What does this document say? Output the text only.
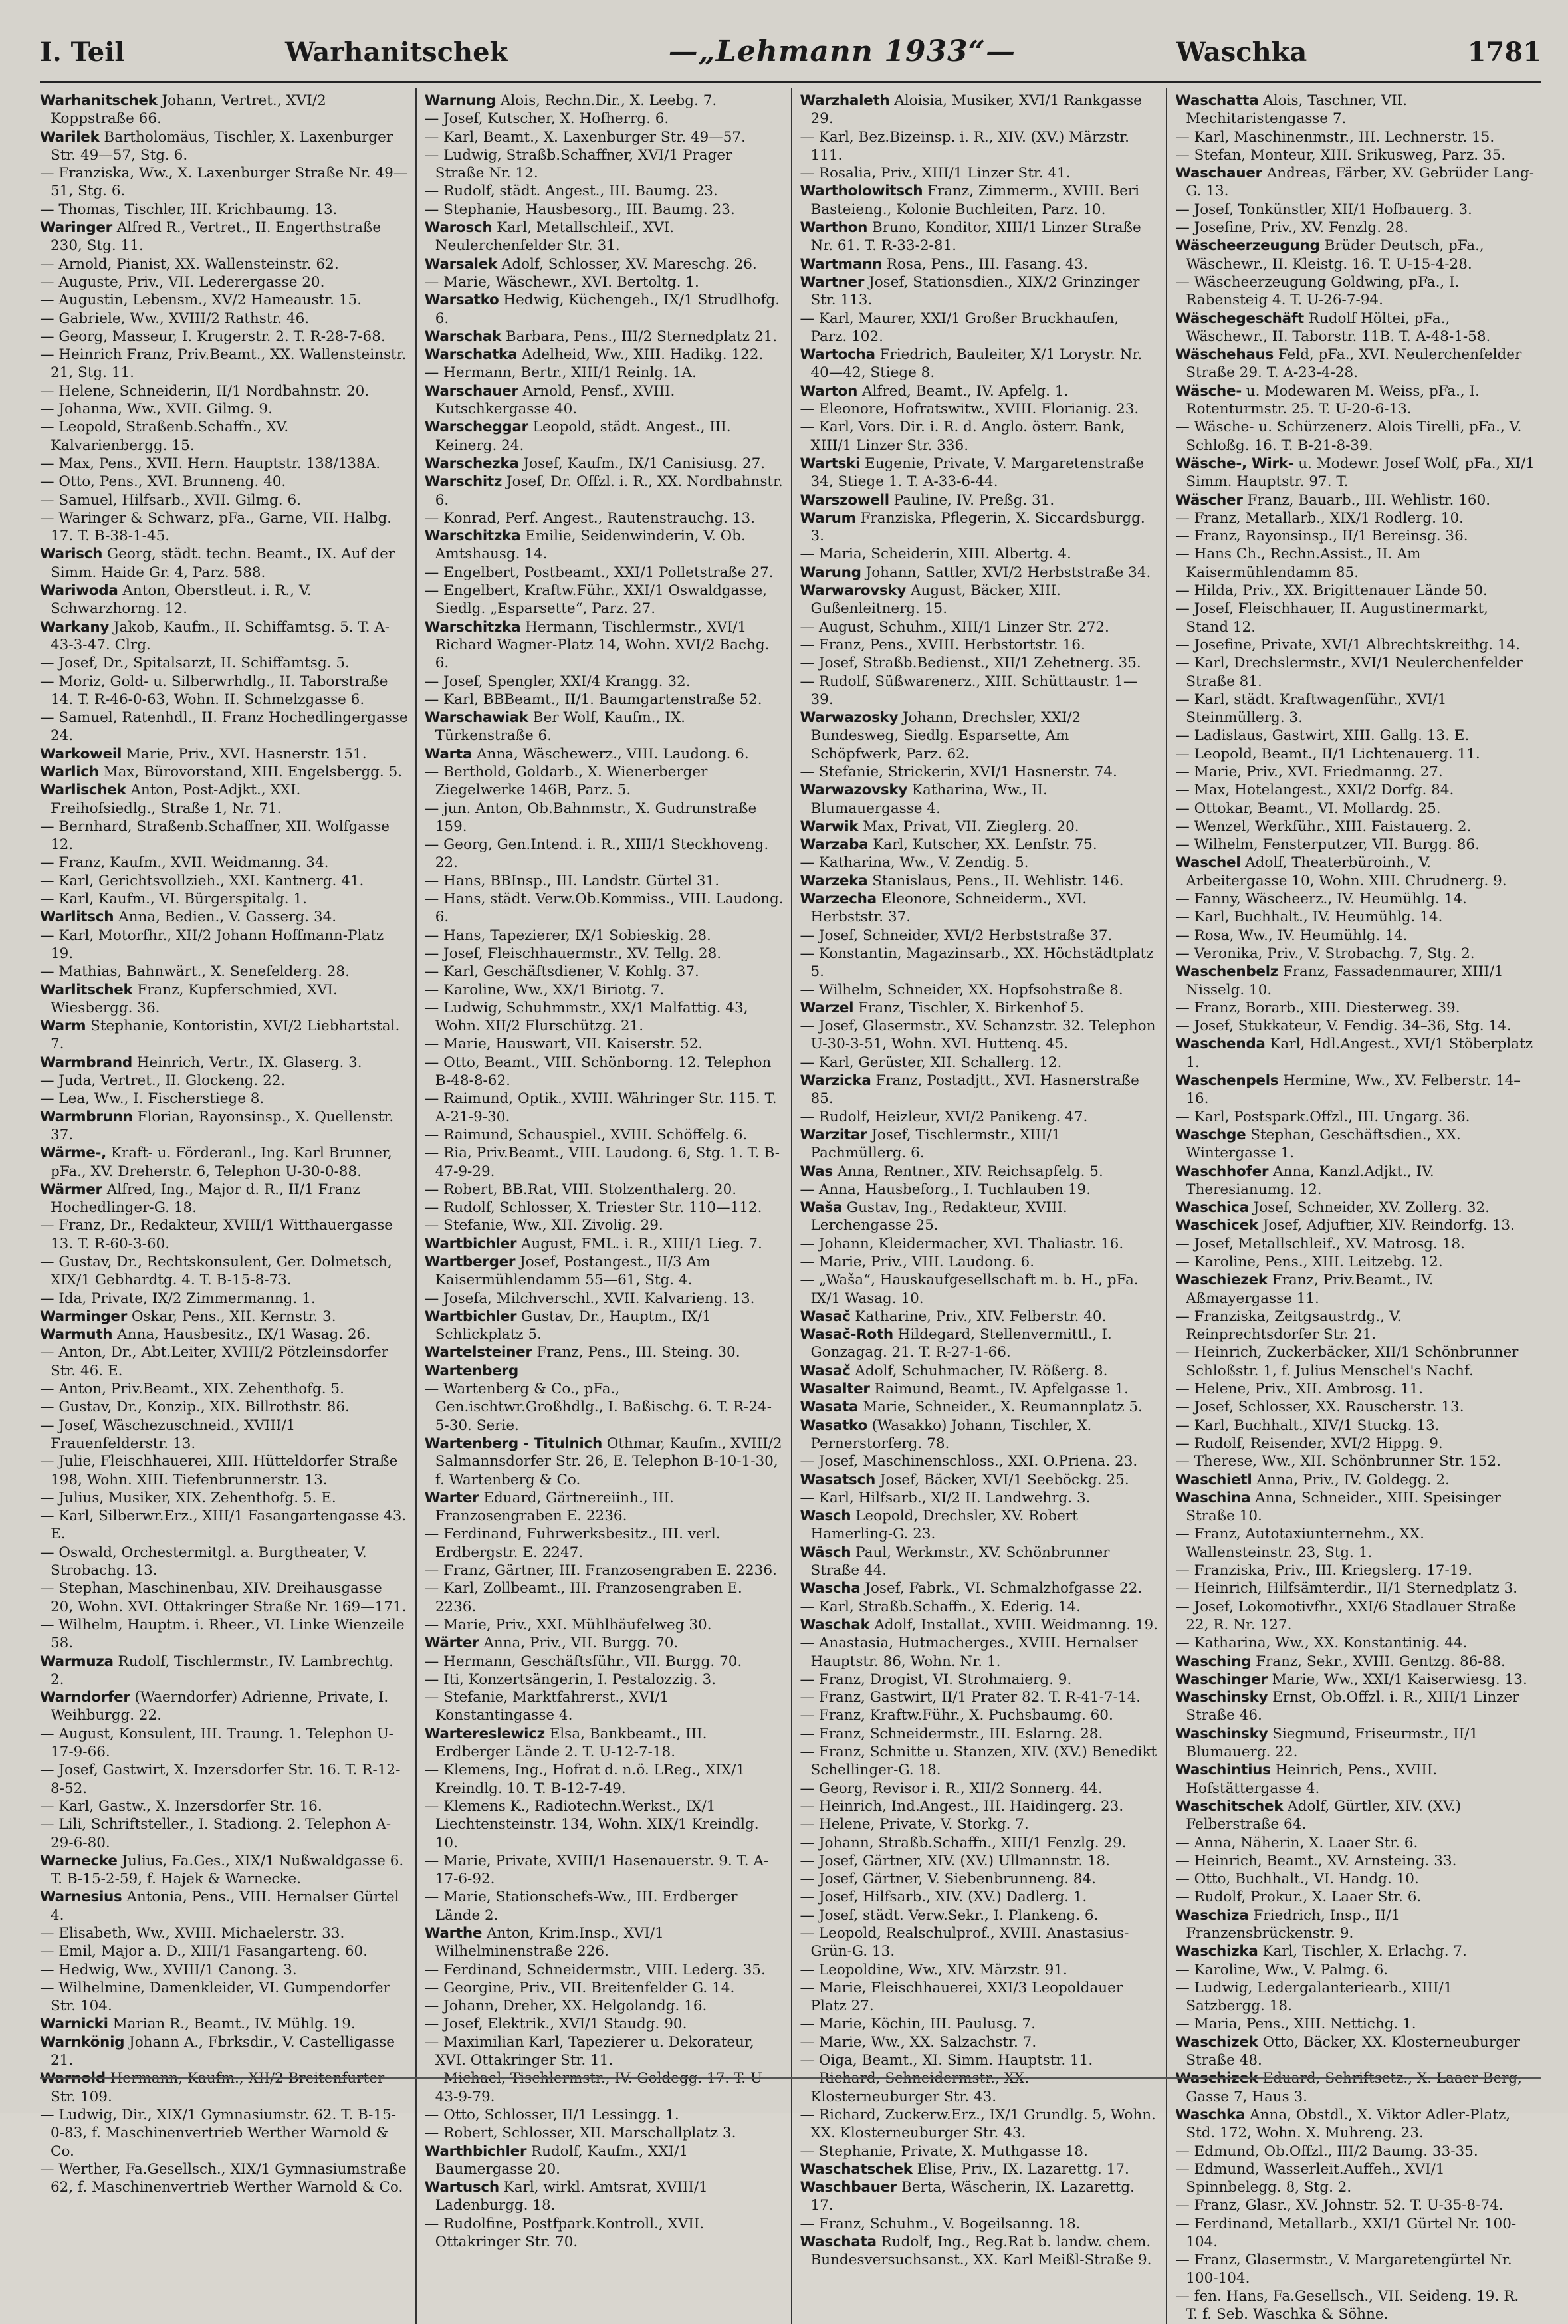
I. Teil	Warhanitschek	—„Lehmann 1933“—	Waschka	1781
Warhanitschek Johann, Vertret., XVI/2 Koppstraße 66.
Warilek Bartholomäus, Tischler, X. Laxenburger Str. 49—57, Stg. 6.
— Franziska, Ww., X. Laxenburger Straße Nr. 49—51, Stg. 6.
— Thomas, Tischler, III. Krichbaumg. 13.
Waringer Alfred R., Vertret., II. Engerthstraße 230, Stg. 11.
— Arnold, Pianist, XX. Wallensteinstr. 62.
— Auguste, Priv., VII. Lederergasse 20.
— Augustin, Lebensm., XV/2 Hameaustr. 15.
— Gabriele, Ww., XVIII/2 Rathstr. 46.
— Georg, Masseur, I. Krugerstr. 2. T. R-28-7-68.
— Heinrich Franz, Priv.Beamt., XX. Wallensteinstr. 21, Stg. 11.
— Helene, Schneiderin, II/1 Nordbahnstr. 20.
— Johanna, Ww., XVII. Gilmg. 9.
— Leopold, Straßenb.Schaffn., XV. Kalvarienbergg. 15.
— Max, Pens., XVII. Hern. Hauptstr. 138/138A.
— Otto, Pens., XVI. Brunneng. 40.
— Samuel, Hilfsarb., XVII. Gilmg. 6.
— Waringer & Schwarz, pFa., Garne, VII. Halbg. 17. T. B-38-1-45.
Warisch Georg, städt. techn. Beamt., IX. Auf der Simm. Haide Gr. 4, Parz. 588.
Wariwoda Anton, Oberstleut. i. R., V. Schwarzhorng. 12.
Warkany Jakob, Kaufm., II. Schiffamtsg. 5. T. A-43-3-47. Clrg.
— Josef, Dr., Spitalsarzt, II. Schiffamtsg. 5.
— Moriz, Gold- u. Silberwrhdlg., II. Taborstraße 14. T. R-46-0-63, Wohn. II. Schmelzgasse 6.
— Samuel, Ratenhdl., II. Franz Hochedlingergasse 24.
Warkoweil Marie, Priv., XVI. Hasnerstr. 151.
Warlich Max, Bürovorstand, XIII. Engelsbergg. 5.
Warlischek Anton, Post-Adjkt., XXI. Freihofsiedlg., Straße 1, Nr. 71.
— Bernhard, Straßenb.Schaffner, XII. Wolfgasse 12.
— Franz, Kaufm., XVII. Weidmanng. 34.
— Karl, Gerichtsvollzieh., XXI. Kantnerg. 41.
— Karl, Kaufm., VI. Bürgerspitalg. 1.
Warlitsch Anna, Bedien., V. Gasserg. 34.
— Karl, Motorfhr., XII/2 Johann Hoffmann-Platz 19.
— Mathias, Bahnwärt., X. Senefelderg. 28.
Warlitschek Franz, Kupferschmied, XVI. Wiesbergg. 36.
Warm Stephanie, Kontoristin, XVI/2 Liebhartstal. 7.
Warmbrand Heinrich, Vertr., IX. Glaserg. 3.
— Juda, Vertret., II. Glockeng. 22.
— Lea, Ww., I. Fischerstiege 8.
Warmbrunn Florian, Rayonsinsp., X. Quellenstr. 37.
Wärme-, Kraft- u. Förderanl., Ing. Karl Brunner, pFa., XV. Dreherstr. 6, Telephon U-30-0-88.
Wärmer Alfred, Ing., Major d. R., II/1 Franz Hochedlinger-G. 18.
— Franz, Dr., Redakteur, XVIII/1 Witthauergasse 13. T. R-60-3-60.
— Gustav, Dr., Rechtskonsulent, Ger. Dolmetsch, XIX/1 Gebhardtg. 4. T. B-15-8-73.
— Ida, Private, IX/2 Zimmermanng. 1.
Warminger Oskar, Pens., XII. Kernstr. 3.
Warmuth Anna, Hausbesitz., IX/1 Wasag. 26.
— Anton, Dr., Abt.Leiter, XVIII/2 Pötzleinsdorfer Str. 46. E.
— Anton, Priv.Beamt., XIX. Zehenthofg. 5.
— Gustav, Dr., Konzip., XIX. Billrothstr. 86.
— Josef, Wäschezuschneid., XVIII/1 Frauenfelderstr. 13.
— Julie, Fleischhauerei, XIII. Hütteldorfer Straße 198, Wohn. XIII. Tiefenbrunnerstr. 13.
— Julius, Musiker, XIX. Zehenthofg. 5. E.
— Karl, Silberwr.Erz., XIII/1 Fasangartengasse 43. E.
— Oswald, Orchestermitgl. a. Burgtheater, V. Strobachg. 13.
— Stephan, Maschinenbau, XIV. Dreihausgasse 20, Wohn. XVI. Ottakringer Straße Nr. 169—171.
— Wilhelm, Hauptm. i. Rheer., VI. Linke Wienzeile 58.
Warmuza Rudolf, Tischlermstr., IV. Lambrechtg. 2.
Warndorfer (Waerndorfer) Adrienne, Private, I. Weihburgg. 22.
— August, Konsulent, III. Traung. 1. Telephon U-17-9-66.
— Josef, Gastwirt, X. Inzersdorfer Str. 16. T. R-12-8-52.
— Karl, Gastw., X. Inzersdorfer Str. 16.
— Lili, Schriftsteller., I. Stadiong. 2. Telephon A-29-6-80.
Warnecke Julius, Fa.Ges., XIX/1 Nußwaldgasse 6. T. B-15-2-59, f. Hajek & Warnecke.
Warnesius Antonia, Pens., VIII. Hernalser Gürtel 4.
— Elisabeth, Ww., XVIII. Michaelerstr. 33.
— Emil, Major a. D., XIII/1 Fasangarteng. 60.
— Hedwig, Ww., XVIII/1 Canong. 3.
— Wilhelmine, Damenkleider, VI. Gumpendorfer Str. 104.
Warnicki Marian R., Beamt., IV. Mühlg. 19.
Warnkönig Johann A., Fbrksdir., V. Castelligasse 21.
Warnold Hermann, Kaufm., XII/2 Breitenfurter Str. 109.
— Ludwig, Dir., XIX/1 Gymnasiumstr. 62. T. B-15-0-83, f. Maschinenvertrieb Werther Warnold & Co.
— Werther, Fa.Gesellsch., XIX/1 Gymnasiumstraße 62, f. Maschinenvertrieb Werther Warnold & Co.
Warnung Alois, Rechn.Dir., X. Leebg. 7.
— Josef, Kutscher, X. Hofherrg. 6.
— Karl, Beamt., X. Laxenburger Str. 49—57.
— Ludwig, Straßb.Schaffner, XVI/1 Prager Straße Nr. 12.
— Rudolf, städt. Angest., III. Baumg. 23.
— Stephanie, Hausbesorg., III. Baumg. 23.
Warosch Karl, Metallschleif., XVI. Neulerchenfelder Str. 31.
Warsalek Adolf, Schlosser, XV. Mareschg. 26.
— Marie, Wäschewr., XVI. Bertoltg. 1.
Warsatko Hedwig, Küchengeh., IX/1 Strudlhofg. 6.
Warschak Barbara, Pens., III/2 Sternedplatz 21.
Warschatka Adelheid, Ww., XIII. Hadikg. 122.
— Hermann, Bertr., XIII/1 Reinlg. 1A.
Warschauer Arnold, Pensf., XVIII. Kutschkergasse 40.
Warscheggar Leopold, städt. Angest., III. Keinerg. 24.
Warschezka Josef, Kaufm., IX/1 Canisiusg. 27.
Warschitz Josef, Dr. Offzl. i. R., XX. Nordbahnstr. 6.
— Konrad, Perf. Angest., Rautenstrauchg. 13.
Warschitzka Emilie, Seidenwinderin, V. Ob. Amtshausg. 14.
— Engelbert, Postbeamt., XXI/1 Polletstraße 27.
— Engelbert, Kraftw.Führ., XXI/1 Oswaldgasse, Siedlg. „Esparsette“, Parz. 27.
Warschitzka Hermann, Tischlermstr., XVI/1 Richard Wagner-Platz 14, Wohn. XVI/2 Bachg. 6.
— Josef, Spengler, XXI/4 Krangg. 32.
— Karl, BBBeamt., II/1. Baumgartenstraße 52.
Warschawiak Ber Wolf, Kaufm., IX. Türkenstraße 6.
Warta Anna, Wäschewerz., VIII. Laudong. 6.
— Berthold, Goldarb., X. Wienerberger Ziegelwerke 146B, Parz. 5.
— jun. Anton, Ob.Bahnmstr., X. Gudrunstraße 159.
— Georg, Gen.Intend. i. R., XIII/1 Steckhoveng. 22.
— Hans, BBInsp., III. Landstr. Gürtel 31.
— Hans, städt. Verw.Ob.Kommiss., VIII. Laudong. 6.
— Hans, Tapezierer, IX/1 Sobieskig. 28.
— Josef, Fleischhauermstr., XV. Tellg. 28.
— Karl, Geschäftsdiener, V. Kohlg. 37.
— Karoline, Ww., XX/1 Biriotg. 7.
— Ludwig, Schuhmmstr., XX/1 Malfattig. 43, Wohn. XII/2 Flurschützg. 21.
— Marie, Hauswart, VII. Kaiserstr. 52.
— Otto, Beamt., VIII. Schönborng. 12. Telephon B-48-8-62.
— Raimund, Optik., XVIII. Währinger Str. 115. T. A-21-9-30.
— Raimund, Schauspiel., XVIII. Schöffelg. 6.
— Ria, Priv.Beamt., VIII. Laudong. 6, Stg. 1. T. B-47-9-29.
— Robert, BB.Rat, VIII. Stolzenthalerg. 20.
— Rudolf, Schlosser, X. Triester Str. 110—112.
— Stefanie, Ww., XII. Zivolig. 29.
Wartbichler August, FML. i. R., XIII/1 Lieg. 7.
Wartberger Josef, Postangest., II/3 Am Kaisermühlendamm 55—61, Stg. 4.
— Josefa, Milchverschl., XVII. Kalvarieng. 13.
Wartbichler Gustav, Dr., Hauptm., IX/1 Schlickplatz 5.
Wartelsteiner Franz, Pens., III. Steing. 30.
Wartenberg
— Wartenberg & Co., pFa., Gen.ischtwr.Großhdlg., I. Baßischg. 6. T. R-24-5-30. Serie.
Wartenberg - Titulnich Othmar, Kaufm., XVIII/2 Salmannsdorfer Str. 26, E. Telephon B-10-1-30, f. Wartenberg & Co.
Warter Eduard, Gärtnereiinh., III. Franzosengraben E. 2236.
— Ferdinand, Fuhrwerksbesitz., III. verl. Erdbergstr. E. 2247.
— Franz, Gärtner, III. Franzosengraben E. 2236.
— Karl, Zollbeamt., III. Franzosengraben E. 2236.
— Marie, Priv., XXI. Mühlhäufelweg 30.
Wärter Anna, Priv., VII. Burgg. 70.
— Hermann, Geschäftsführ., VII. Burgg. 70.
— Iti, Konzertsängerin, I. Pestalozzig. 3.
— Stefanie, Marktfahrerst., XVI/1 Konstantingasse 4.
Wartereslewicz Elsa, Bankbeamt., III. Erdberger Lände 2. T. U-12-7-18.
— Klemens, Ing., Hofrat d. n.ö. LReg., XIX/1 Kreindlg. 10. T. B-12-7-49.
— Klemens K., Radiotechn.Werkst., IX/1 Liechtensteinstr. 134, Wohn. XIX/1 Kreindlg. 10.
— Marie, Private, XVIII/1 Hasenauerstr. 9. T. A-17-6-92.
— Marie, Stationschefs-Ww., III. Erdberger Lände 2.
Warthe Anton, Krim.Insp., XVI/1 Wilhelminenstraße 226.
— Ferdinand, Schneidermstr., VIII. Lederg. 35.
— Georgine, Priv., VII. Breitenfelder G. 14.
— Johann, Dreher, XX. Helgolandg. 16.
— Josef, Elektrik., XVI/1 Staudg. 90.
— Maximilian Karl, Tapezierer u. Dekorateur, XVI. Ottakringer Str. 11.
— Michael, Tischlermstr., IV. Goldegg. 17. T. U-43-9-79.
— Otto, Schlosser, II/1 Lessingg. 1.
— Robert, Schlosser, XII. Marschallplatz 3.
Warthbichler Rudolf, Kaufm., XXI/1 Baumergasse 20.
Wartusch Karl, wirkl. Amtsrat, XVIII/1 Ladenburgg. 18.
— Rudolfine, Postfpark.Kontroll., XVII. Ottakringer Str. 70.
Warzhaleth Aloisia, Musiker, XVI/1 Rankgasse 29.
— Karl, Bez.Bizeinsp. i. R., XIV. (XV.) Märzstr. 111.
— Rosalia, Priv., XIII/1 Linzer Str. 41.
Wartholowitsch Franz, Zimmerm., XVIII. Beri Basteieng., Kolonie Buchleiten, Parz. 10.
Warthon Bruno, Konditor, XIII/1 Linzer Straße Nr. 61. T. R-33-2-81.
Wartmann Rosa, Pens., III. Fasang. 43.
Wartner Josef, Stationsdien., XIX/2 Grinzinger Str. 113.
— Karl, Maurer, XXI/1 Großer Bruckhaufen, Parz. 102.
Wartocha Friedrich, Bauleiter, X/1 Lorystr. Nr. 40—42, Stiege 8.
Warton Alfred, Beamt., IV. Apfelg. 1.
— Eleonore, Hofratswitw., XVIII. Florianig. 23.
— Karl, Vors. Dir. i. R. d. Anglo. österr. Bank, XIII/1 Linzer Str. 336.
Wartski Eugenie, Private, V. Margaretenstraße 34, Stiege 1. T. A-33-6-44.
Warszowell Pauline, IV. Preßg. 31.
Warum Franziska, Pflegerin, X. Siccardsburgg. 3.
— Maria, Scheiderin, XIII. Albertg. 4.
Warung Johann, Sattler, XVI/2 Herbststraße 34.
Warwarovsky August, Bäcker, XIII. Gußenleitnerg. 15.
— August, Schuhm., XIII/1 Linzer Str. 272.
— Franz, Pens., XVIII. Herbstortstr. 16.
— Josef, Straßb.Bedienst., XII/1 Zehetnerg. 35.
— Rudolf, Süßwarenerz., XIII. Schüttaustr. 1—39.
Warwazosky Johann, Drechsler, XXI/2 Bundesweg, Siedlg. Esparsette, Am Schöpfwerk, Parz. 62.
— Stefanie, Strickerin, XVI/1 Hasnerstr. 74.
Warwazovsky Katharina, Ww., II. Blumauergasse 4.
Warwik Max, Privat, VII. Zieglerg. 20.
Warzaba Karl, Kutscher, XX. Lenfstr. 75.
— Katharina, Ww., V. Zendig. 5.
Warzeka Stanislaus, Pens., II. Wehlistr. 146.
Warzecha Eleonore, Schneiderm., XVI. Herbststr. 37.
— Josef, Schneider, XVI/2 Herbststraße 37.
— Konstantin, Magazinsarb., XX. Höchstädtplatz 5.
— Wilhelm, Schneider, XX. Hopfsohstraße 8.
Warzel Franz, Tischler, X. Birkenhof 5.
— Josef, Glasermstr., XV. Schanzstr. 32. Telephon U-30-3-51, Wohn. XVI. Huttenq. 45.
— Karl, Gerüster, XII. Schallerg. 12.
Warzicka Franz, Postadjtt., XVI. Hasnerstraße 85.
— Rudolf, Heizleur, XVI/2 Panikeng. 47.
Warzitar Josef, Tischlermstr., XIII/1 Pachmüllerg. 6.
Was Anna, Rentner., XIV. Reichsapfelg. 5.
— Anna, Hausbeforg., I. Tuchlauben 19.
Waša Gustav, Ing., Redakteur, XVIII. Lerchengasse 25.
— Johann, Kleidermacher, XVI. Thaliastr. 16.
— Marie, Priv., VIII. Laudong. 6.
— „Waša“, Hauskaufgesellschaft m. b. H., pFa. IX/1 Wasag. 10.
Wasač Katharine, Priv., XIV. Felberstr. 40.
Wasač-Roth Hildegard, Stellenvermittl., I. Gonzagag. 21. T. R-27-1-66.
Wasač Adolf, Schuhmacher, IV. Rößerg. 8.
Wasalter Raimund, Beamt., IV. Apfelgasse 1.
Wasata Marie, Schneider., X. Reumannplatz 5.
Wasatko (Wasakko) Johann, Tischler, X. Pernerstorferg. 78.
— Josef, Maschinenschloss., XXI. O.Priena. 23.
Wasatsch Josef, Bäcker, XVI/1 Seeböckg. 25.
— Karl, Hilfsarb., XI/2 II. Landwehrg. 3.
Wasch Leopold, Drechsler, XV. Robert Hamerling-G. 23.
Wäsch Paul, Werkmstr., XV. Schönbrunner Straße 44.
Wascha Josef, Fabrk., VI. Schmalzhofgasse 22.
— Karl, Straßb.Schaffn., X. Ederig. 14.
Waschak Adolf, Installat., XVIII. Weidmanng. 19.
— Anastasia, Hutmacherges., XVIII. Hernalser Hauptstr. 86, Wohn. Nr. 1.
— Franz, Drogist, VI. Strohmaierg. 9.
— Franz, Gastwirt, II/1 Prater 82. T. R-41-7-14.
— Franz, Kraftw.Führ., X. Puchsbaumg. 60.
— Franz, Schneidermstr., III. Eslarng. 28.
— Franz, Schnitte u. Stanzen, XIV. (XV.) Benedikt Schellinger-G. 18.
— Georg, Revisor i. R., XII/2 Sonnerg. 44.
— Heinrich, Ind.Angest., III. Haidingerg. 23.
— Helene, Private, V. Storkg. 7.
— Johann, Straßb.Schaffn., XIII/1 Fenzlg. 29.
— Josef, Gärtner, XIV. (XV.) Ullmannstr. 18.
— Josef, Gärtner, V. Siebenbrunneng. 84.
— Josef, Hilfsarb., XIV. (XV.) Dadlerg. 1.
— Josef, städt. Verw.Sekr., I. Plankeng. 6.
— Leopold, Realschulprof., XVIII. Anastasius-Grün-G. 13.
— Leopoldine, Ww., XIV. Märzstr. 91.
— Marie, Fleischhauerei, XXI/3 Leopoldauer Platz 27.
— Marie, Köchin, III. Paulusg. 7.
— Marie, Ww., XX. Salzachstr. 7.
— Oiga, Beamt., XI. Simm. Hauptstr. 11.
— Richard, Schneidermstr., XX. Klosterneuburger Str. 43.
— Richard, Zuckerw.Erz., IX/1 Grundlg. 5, Wohn. XX. Klosterneuburger Str. 43.
— Stephanie, Private, X. Muthgasse 18.
Waschatschek Elise, Priv., IX. Lazarettg. 17.
Waschbauer Berta, Wäscherin, IX. Lazarettg. 17.
— Franz, Schuhm., V. Bogeilsanng. 18.
Waschata Rudolf, Ing., Reg.Rat b. landw. chem. Bundesversuchsanst., XX. Karl Meißl-Straße 9.
Waschatta Alois, Taschner, VII. Mechitaristengasse 7.
— Karl, Maschinenmstr., III. Lechnerstr. 15.
— Stefan, Monteur, XIII. Srikusweg, Parz. 35.
Waschauer Andreas, Färber, XV. Gebrüder Lang-G. 13.
— Josef, Tonkünstler, XII/1 Hofbauerg. 3.
— Josefine, Priv., XV. Fenzlg. 28.
Wäscheerzeugung Brüder Deutsch, pFa., Wäschewr., II. Kleistg. 16. T. U-15-4-28.
— Wäscheerzeugung Goldwing, pFa., I. Rabensteig 4. T. U-26-7-94.
Wäschegeschäft Rudolf Höltei, pFa., Wäschewr., II. Taborstr. 11B. T. A-48-1-58.
Wäschehaus Feld, pFa., XVI. Neulerchenfelder Straße 29. T. A-23-4-28.
Wäsche- u. Modewaren M. Weiss, pFa., I. Rotenturmstr. 25. T. U-20-6-13.
— Wäsche- u. Schürzenerz. Alois Tirelli, pFa., V. Schloßg. 16. T. B-21-8-39.
Wäsche-, Wirk- u. Modewr. Josef Wolf, pFa., XI/1 Simm. Hauptstr. 97. T.
Wäscher Franz, Bauarb., III. Wehlistr. 160.
— Franz, Metallarb., XIX/1 Rodlerg. 10.
— Franz, Rayonsinsp., II/1 Bereinsg. 36.
— Hans Ch., Rechn.Assist., II. Am Kaisermühlendamm 85.
— Hilda, Priv., XX. Brigittenauer Lände 50.
— Josef, Fleischhauer, II. Augustinermarkt, Stand 12.
— Josefine, Private, XVI/1 Albrechtskreithg. 14.
— Karl, Drechslermstr., XVI/1 Neulerchenfelder Straße 81.
— Karl, städt. Kraftwagenführ., XVI/1 Steinmüllerg. 3.
— Ladislaus, Gastwirt, XIII. Gallg. 13. E.
— Leopold, Beamt., II/1 Lichtenauerg. 11.
— Marie, Priv., XVI. Friedmanng. 27.
— Max, Hotelangest., XXI/2 Dorfg. 84.
— Ottokar, Beamt., VI. Mollardg. 25.
— Wenzel, Werkführ., XIII. Faistauerg. 2.
— Wilhelm, Fensterputzer, VII. Burgg. 86.
Waschel Adolf, Theaterbüroinh., V. Arbeitergasse 10, Wohn. XIII. Chrudnerg. 9.
— Fanny, Wäscheerz., IV. Heumühlg. 14.
— Karl, Buchhalt., IV. Heumühlg. 14.
— Rosa, Ww., IV. Heumühlg. 14.
— Veronika, Priv., V. Strobachg. 7, Stg. 2.
Waschenbelz Franz, Fassadenmaurer, XIII/1 Nisselg. 10.
— Franz, Borarb., XIII. Diesterweg. 39.
— Josef, Stukkateur, V. Fendig. 34–36, Stg. 14.
Waschenda Karl, Hdl.Angest., XVI/1 Stöberplatz 1.
Waschenpels Hermine, Ww., XV. Felberstr. 14–16.
— Karl, Postspark.Offzl., III. Ungarg. 36.
Waschge Stephan, Geschäftsdien., XX. Wintergasse 1.
Waschhofer Anna, Kanzl.Adjkt., IV. Theresianumg. 12.
Waschica Josef, Schneider, XV. Zollerg. 32.
Waschicek Josef, Adjuftier, XIV. Reindorfg. 13.
— Josef, Metallschleif., XV. Matrosg. 18.
— Karoline, Pens., XIII. Leitzebg. 12.
Waschiezek Franz, Priv.Beamt., IV. Aßmayergasse 11.
— Franziska, Zeitgsaustrdg., V. Reinprechtsdorfer Str. 21.
— Heinrich, Zuckerbäcker, XII/1 Schönbrunner Schloßstr. 1, f. Julius Menschel's Nachf.
— Helene, Priv., XII. Ambrosg. 11.
— Josef, Schlosser, XX. Rauscherstr. 13.
— Karl, Buchhalt., XIV/1 Stuckg. 13.
— Rudolf, Reisender, XVI/2 Hippg. 9.
— Therese, Ww., XII. Schönbrunner Str. 152.
Waschietl Anna, Priv., IV. Goldegg. 2.
Waschina Anna, Schneider., XIII. Speisinger Straße 10.
— Franz, Autotaxiunternehm., XX. Wallensteinstr. 23, Stg. 1.
— Franziska, Priv., III. Kriegslerg. 17-19.
— Heinrich, Hilfsämterdir., II/1 Sternedplatz 3.
— Josef, Lokomotivfhr., XXI/6 Stadlauer Straße 22, R. Nr. 127.
— Katharina, Ww., XX. Konstantinig. 44.
Wasching Franz, Sekr., XVIII. Gentzg. 86-88.
Waschinger Marie, Ww., XXI/1 Kaiserwiesg. 13.
Waschinsky Ernst, Ob.Offzl. i. R., XIII/1 Linzer Straße 46.
Waschinsky Siegmund, Friseurmstr., II/1 Blumauerg. 22.
Waschintius Heinrich, Pens., XVIII. Hofstättergasse 4.
Waschitschek Adolf, Gürtler, XIV. (XV.) Felberstraße 64.
— Anna, Näherin, X. Laaer Str. 6.
— Heinrich, Beamt., XV. Arnsteing. 33.
— Otto, Buchhalt., VI. Handg. 10.
— Rudolf, Prokur., X. Laaer Str. 6.
Waschiza Friedrich, Insp., II/1 Franzensbrückenstr. 9.
Waschizka Karl, Tischler, X. Erlachg. 7.
— Karoline, Ww., V. Palmg. 6.
— Ludwig, Ledergalanteriearb., XIII/1 Satzbergg. 18.
— Maria, Pens., XIII. Nettichg. 1.
Waschizek Otto, Bäcker, XX. Klosterneuburger Straße 48.
Waschizek Eduard, Schriftsetz., X. Laaer Berg, Gasse 7, Haus 3.
Waschka Anna, Obstdl., X. Viktor Adler-Platz, Std. 172, Wohn. X. Muhreng. 23.
— Edmund, Ob.Offzl., III/2 Baumg. 33-35.
— Edmund, Wasserleit.Auffeh., XVI/1 Spinnbelegg. 8, Stg. 2.
— Franz, Glasr., XV. Johnstr. 52. T. U-35-8-74.
— Ferdinand, Metallarb., XXI/1 Gürtel Nr. 100-104.
— Franz, Glasermstr., V. Margaretengürtel Nr. 100-104.
— fen. Hans, Fa.Gesellsch., VII. Seideng. 19. R. T. f. Seb. Waschka & Söhne.
